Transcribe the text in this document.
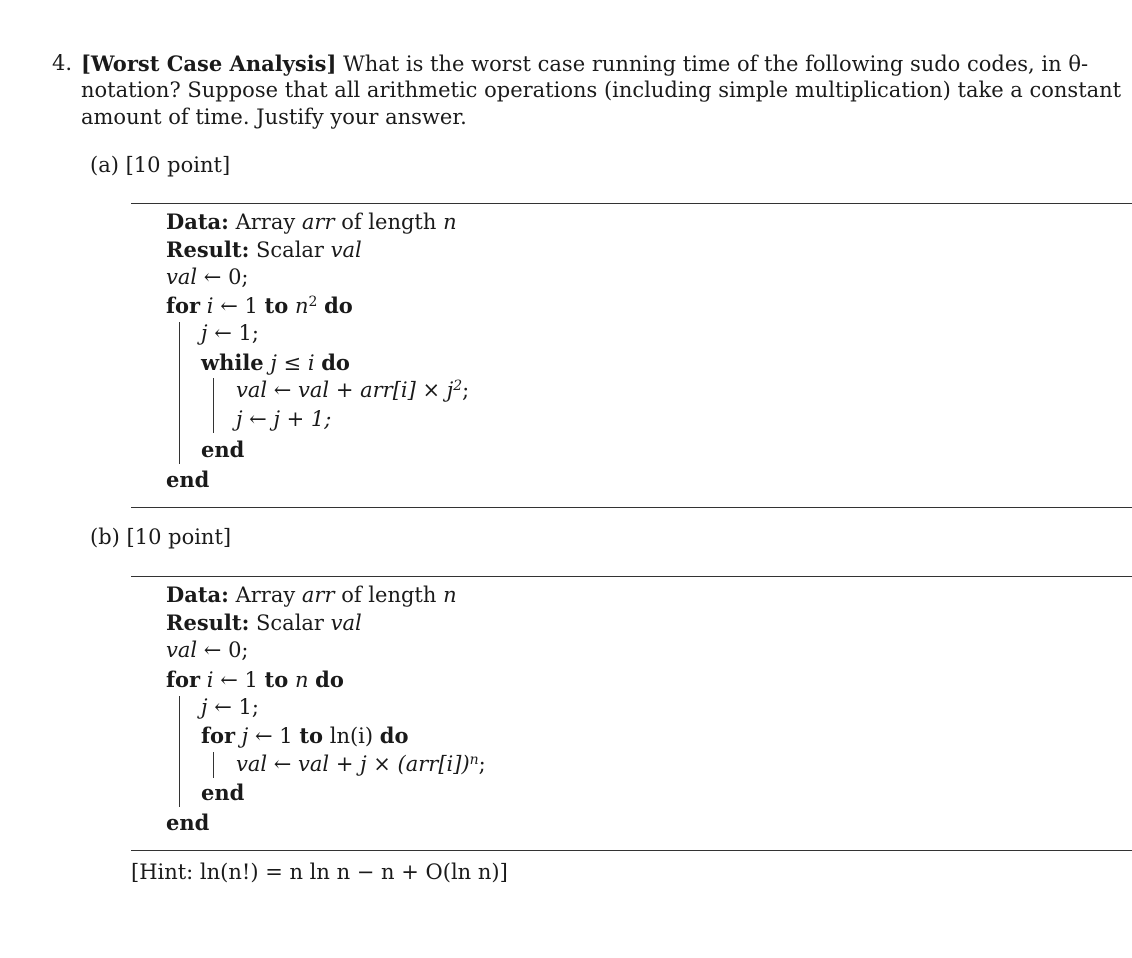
4. [Worst Case Analysis] What is the worst case running time of the following sudo codes, in θ-
notation? Suppose that all arithmetic operations (including simple multiplication) take a constant
amount of time. Justify your answer.
(a) [10 point]
Data: Array arr of length n
Result: Scalar val
val ← 0;
for i ← 1 to $n^2$ do
j ← 1;
while j ≤ i do
val ← val + $arr[i] \times j^2$;
j ← j + 1;
end
end
(b) [10 point]
Data: Array arr of length n
Result: Scalar val
val ← 0;
for i ← 1 to n do
j ← 1;
for j ← 1 to ln(i) do
val ← val + $j \times (arr[i])^n$;
end
end
[Hint: ln(n!) = n ln n − n + O(ln n)]
